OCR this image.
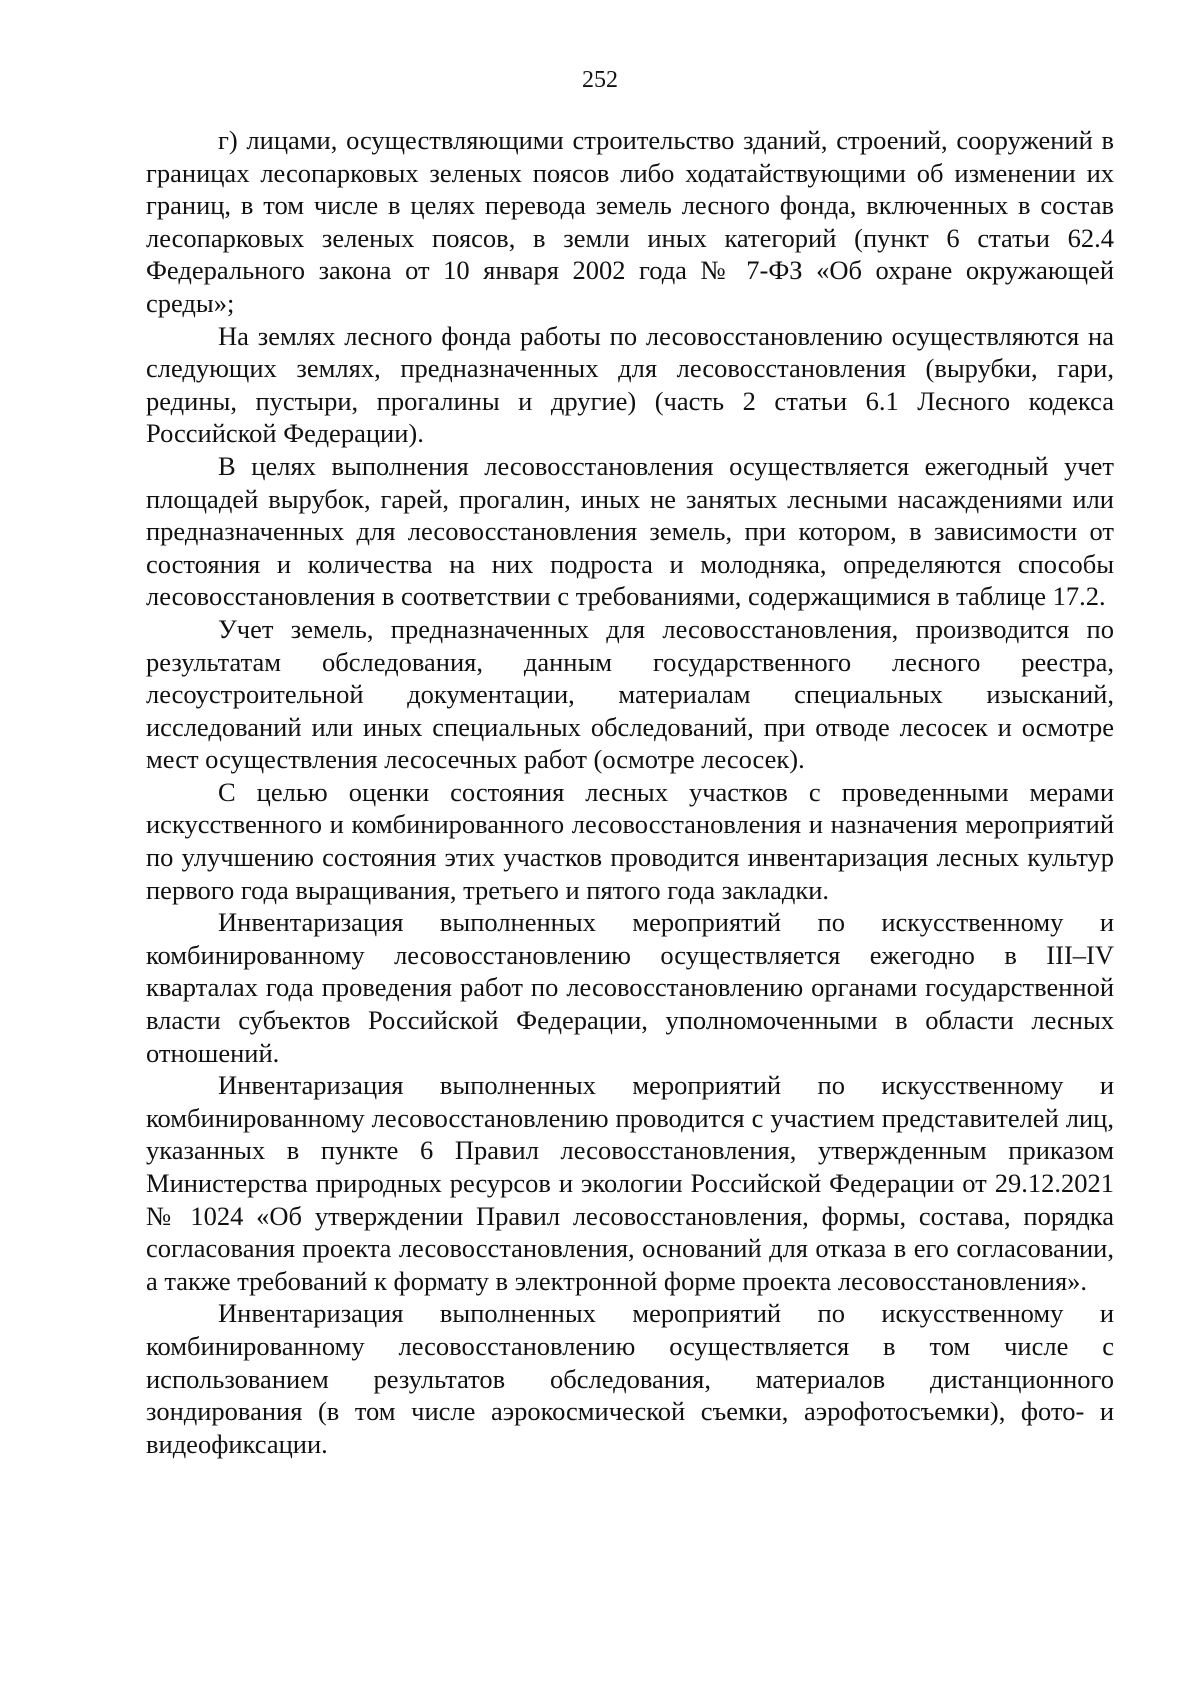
252

г) лицами, осуществляющими строительство зданий, строений, сооружений в границах лесопарковых зеленых поясов либо ходатайствующими об изменении их границ, в том числе в целях перевода земель лесного фонда, включенных в состав лесопарковых зеленых поясов, в земли иных категорий (пункт 6 статьи 62.4 Федерального закона от 10 января 2002 года № 7-ФЗ «Об охране окружающей среды»;

На землях лесного фонда работы по лесовосстановлению осуществляются на следующих землях, предназначенных для лесовосстановления (вырубки, гари, редины, пустыри, прогалины и другие) (часть 2 статьи 6.1 Лесного кодекса Российской Федерации).

В целях выполнения лесовосстановления осуществляется ежегодный учет площадей вырубок, гарей, прогалин, иных не занятых лесными насаждениями или предназначенных для лесовосстановления земель, при котором, в зависимости от состояния и количества на них подроста и молодняка, определяются способы лесовосстановления в соответствии с требованиями, содержащимися в таблице 17.2.

Учет земель, предназначенных для лесовосстановления, производится по результатам обследования, данным государственного лесного реестра, лесоустроительной документации, материалам специальных изысканий, исследований или иных специальных обследований, при отводе лесосек и осмотре мест осуществления лесосечных работ (осмотре лесосек).

С целью оценки состояния лесных участков с проведенными мерами искусственного и комбинированного лесовосстановления и назначения мероприятий по улучшению состояния этих участков проводится инвентаризация лесных культур первого года выращивания, третьего и пятого года закладки.

Инвентаризация выполненных мероприятий по искусственному и комбинированному лесовосстановлению осуществляется ежегодно в III–IV кварталах года проведения работ по лесовосстановлению органами государственной власти субъектов Российской Федерации, уполномоченными в области лесных отношений.

Инвентаризация выполненных мероприятий по искусственному и комбинированному лесовосстановлению проводится с участием представителей лиц, указанных в пункте 6 Правил лесовосстановления, утвержденным приказом Министерства природных ресурсов и экологии Российской Федерации от 29.12.2021 № 1024 «Об утверждении Правил лесовосстановления, формы, состава, порядка согласования проекта лесовосстановления, оснований для отказа в его согласовании, а также требований к формату в электронной форме проекта лесовосстановления».

Инвентаризация выполненных мероприятий по искусственному и комбинированному лесовосстановлению осуществляется в том числе с использованием результатов обследования, материалов дистанционного зондирования (в том числе аэрокосмической съемки, аэрофотосъемки), фото- и видеофиксации.
